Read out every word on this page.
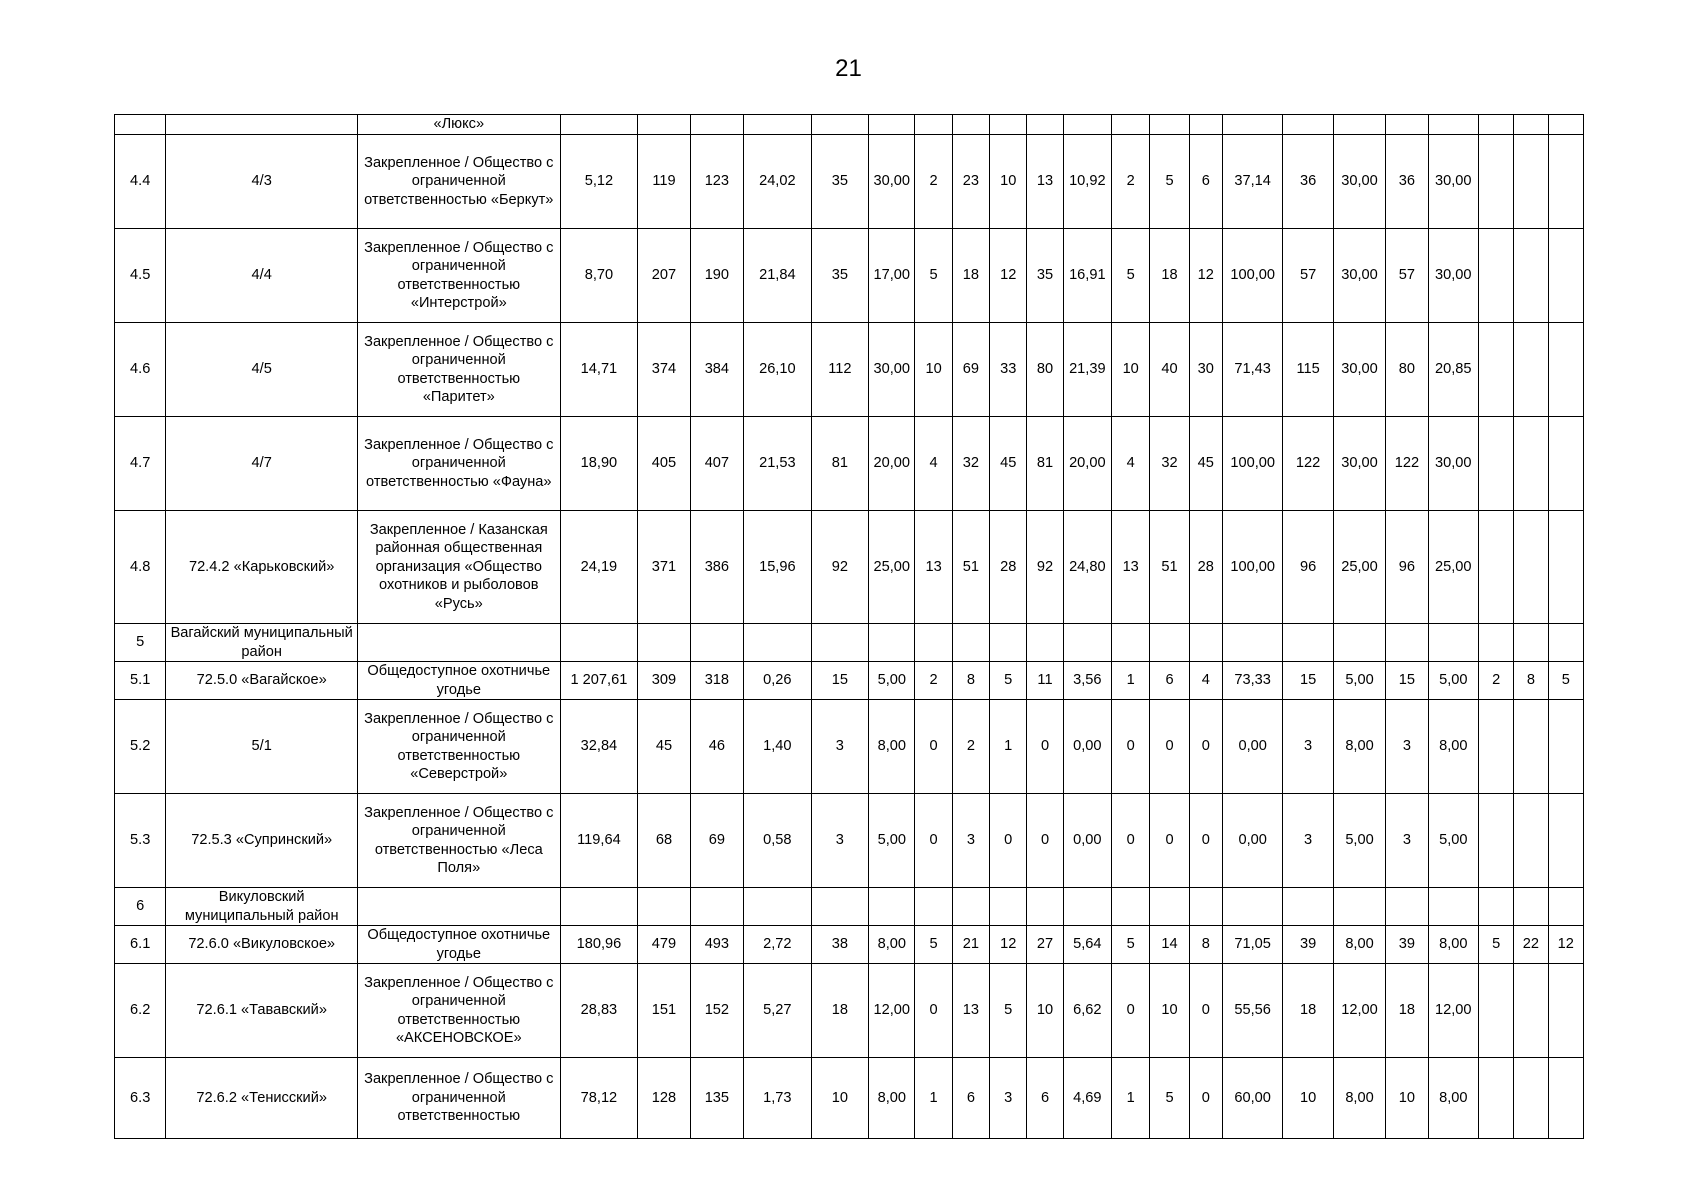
21
		«Люкс»																						
4.4	4/3	Закрепленное / Общество с ограниченной ответственностью «Беркут»	5,12	119	123	24,02	35	30,00	2	23	10	13	10,92	2	5	6	37,14	36	30,00	36	30,00			
4.5	4/4	Закрепленное / Общество с ограниченной ответственностью «Интерстрой»	8,70	207	190	21,84	35	17,00	5	18	12	35	16,91	5	18	12	100,00	57	30,00	57	30,00			
4.6	4/5	Закрепленное / Общество с ограниченной ответственностью «Паритет»	14,71	374	384	26,10	112	30,00	10	69	33	80	21,39	10	40	30	71,43	115	30,00	80	20,85			
4.7	4/7	Закрепленное / Общество с ограниченной ответственностью «Фауна»	18,90	405	407	21,53	81	20,00	4	32	45	81	20,00	4	32	45	100,00	122	30,00	122	30,00			
4.8	72.4.2 «Карьковский»	Закрепленное / Казанская районная общественная организация «Общество охотников и рыболовов «Русь»	24,19	371	386	15,96	92	25,00	13	51	28	92	24,80	13	51	28	100,00	96	25,00	96	25,00			
5	Вагайский муниципальный район																							
5.1	72.5.0 «Вагайское»	Общедоступное охотничье угодье	1 207,61	309	318	0,26	15	5,00	2	8	5	11	3,56	1	6	4	73,33	15	5,00	15	5,00	2	8	5
5.2	5/1	Закрепленное / Общество с ограниченной ответственностью «Северстрой»	32,84	45	46	1,40	3	8,00	0	2	1	0	0,00	0	0	0	0,00	3	8,00	3	8,00			
5.3	72.5.3 «Супринский»	Закрепленное / Общество с ограниченной ответственностью «Леса Поля»	119,64	68	69	0,58	3	5,00	0	3	0	0	0,00	0	0	0	0,00	3	5,00	3	5,00			
6	Викуловский муниципальный район																							
6.1	72.6.0 «Викуловское»	Общедоступное охотничье угодье	180,96	479	493	2,72	38	8,00	5	21	12	27	5,64	5	14	8	71,05	39	8,00	39	8,00	5	22	12
6.2	72.6.1 «Тававский»	Закрепленное / Общество с ограниченной ответственностью «АКСЕНОВСКОЕ»	28,83	151	152	5,27	18	12,00	0	13	5	10	6,62	0	10	0	55,56	18	12,00	18	12,00			
6.3	72.6.2 «Тенисский»	Закрепленное / Общество с ограниченной ответственностью	78,12	128	135	1,73	10	8,00	1	6	3	6	4,69	1	5	0	60,00	10	8,00	10	8,00			
